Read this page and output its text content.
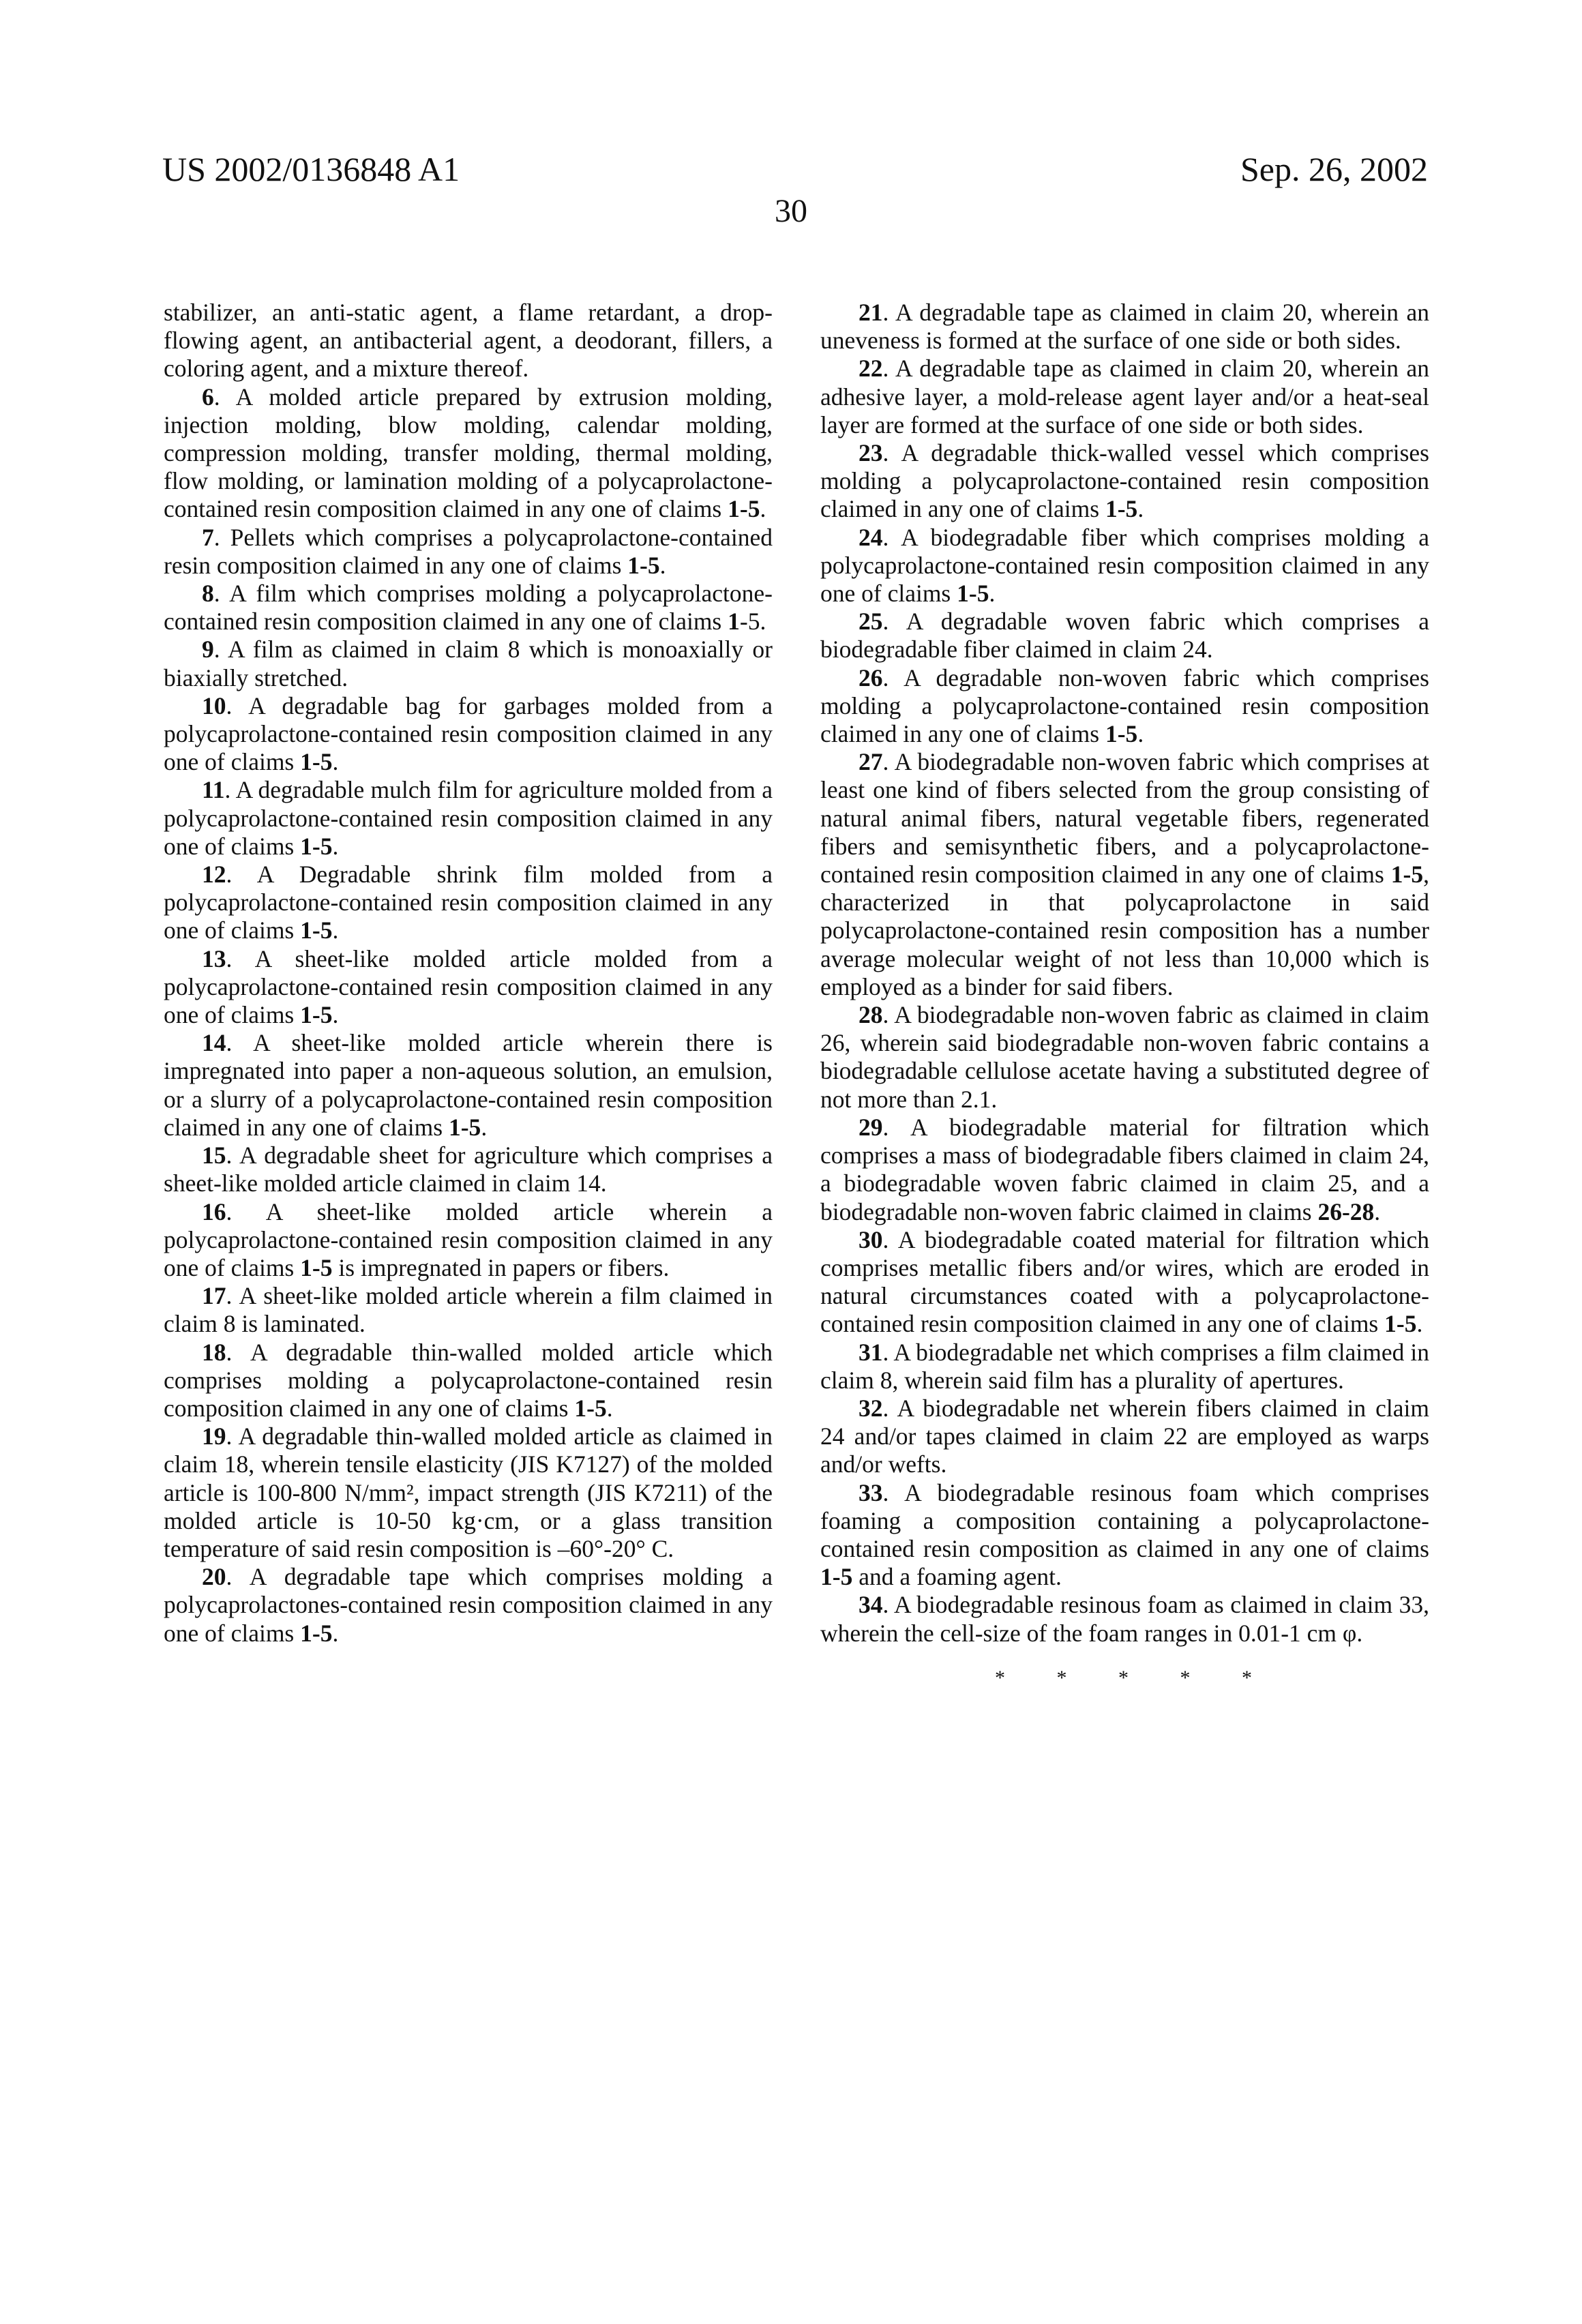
US 2002/0136848 A1	Sep. 26, 2002
30

stabilizer, an anti-static agent, a flame retardant, a drop-flowing agent, an antibacterial agent, a deodorant, fillers, a coloring agent, and a mixture thereof.

6. A molded article prepared by extrusion molding, injection molding, blow molding, calendar molding, compression molding, transfer molding, thermal molding, flow molding, or lamination molding of a polycaprolactone-contained resin composition claimed in any one of claims 1-5.

7. Pellets which comprises a polycaprolactone-contained resin composition claimed in any one of claims 1-5.

8. A film which comprises molding a polycaprolactone-contained resin composition claimed in any one of claims 1-5.

9. A film as claimed in claim 8 which is monoaxially or biaxially stretched.

10. A degradable bag for garbages molded from a polycaprolactone-contained resin composition claimed in any one of claims 1-5.

11. A degradable mulch film for agriculture molded from a polycaprolactone-contained resin composition claimed in any one of claims 1-5.

12. A Degradable shrink film molded from a polycaprolactone-contained resin composition claimed in any one of claims 1-5.

13. A sheet-like molded article molded from a polycaprolactone-contained resin composition claimed in any one of claims 1-5.

14. A sheet-like molded article wherein there is impregnated into paper a non-aqueous solution, an emulsion, or a slurry of a polycaprolactone-contained resin composition claimed in any one of claims 1-5.

15. A degradable sheet for agriculture which comprises a sheet-like molded article claimed in claim 14.

16. A sheet-like molded article wherein a polycaprolactone-contained resin composition claimed in any one of claims 1-5 is impregnated in papers or fibers.

17. A sheet-like molded article wherein a film claimed in claim 8 is laminated.

18. A degradable thin-walled molded article which comprises molding a polycaprolactone-contained resin composition claimed in any one of claims 1-5.

19. A degradable thin-walled molded article as claimed in claim 18, wherein tensile elasticity (JIS K7127) of the molded article is 100-800 N/mm², impact strength (JIS K7211) of the molded article is 10-50 kg·cm, or a glass transition temperature of said resin composition is –60°-20° C.

20. A degradable tape which comprises molding a polycaprolactones-contained resin composition claimed in any one of claims 1-5.

21. A degradable tape as claimed in claim 20, wherein an uneveness is formed at the surface of one side or both sides.

22. A degradable tape as claimed in claim 20, wherein an adhesive layer, a mold-release agent layer and/or a heat-seal layer are formed at the surface of one side or both sides.

23. A degradable thick-walled vessel which comprises molding a polycaprolactone-contained resin composition claimed in any one of claims 1-5.

24. A biodegradable fiber which comprises molding a polycaprolactone-contained resin composition claimed in any one of claims 1-5.

25. A degradable woven fabric which comprises a biodegradable fiber claimed in claim 24.

26. A degradable non-woven fabric which comprises molding a polycaprolactone-contained resin composition claimed in any one of claims 1-5.

27. A biodegradable non-woven fabric which comprises at least one kind of fibers selected from the group consisting of natural animal fibers, natural vegetable fibers, regenerated fibers and semisynthetic fibers, and a polycaprolactone-contained resin composition claimed in any one of claims 1-5, characterized in that polycaprolactone in said polycaprolactone-contained resin composition has a number average molecular weight of not less than 10,000 which is employed as a binder for said fibers.

28. A biodegradable non-woven fabric as claimed in claim 26, wherein said biodegradable non-woven fabric contains a biodegradable cellulose acetate having a substituted degree of not more than 2.1.

29. A biodegradable material for filtration which comprises a mass of biodegradable fibers claimed in claim 24, a biodegradable woven fabric claimed in claim 25, and a biodegradable non-woven fabric claimed in claims 26-28.

30. A biodegradable coated material for filtration which comprises metallic fibers and/or wires, which are eroded in natural circumstances coated with a polycaprolactone-contained resin composition claimed in any one of claims 1-5.

31. A biodegradable net which comprises a film claimed in claim 8, wherein said film has a plurality of apertures.

32. A biodegradable net wherein fibers claimed in claim 24 and/or tapes claimed in claim 22 are employed as warps and/or wefts.

33. A biodegradable resinous foam which comprises foaming a composition containing a polycaprolactone-contained resin composition as claimed in any one of claims 1-5 and a foaming agent.

34. A biodegradable resinous foam as claimed in claim 33, wherein the cell-size of the foam ranges in 0.01-1 cm φ.

* * * * *
